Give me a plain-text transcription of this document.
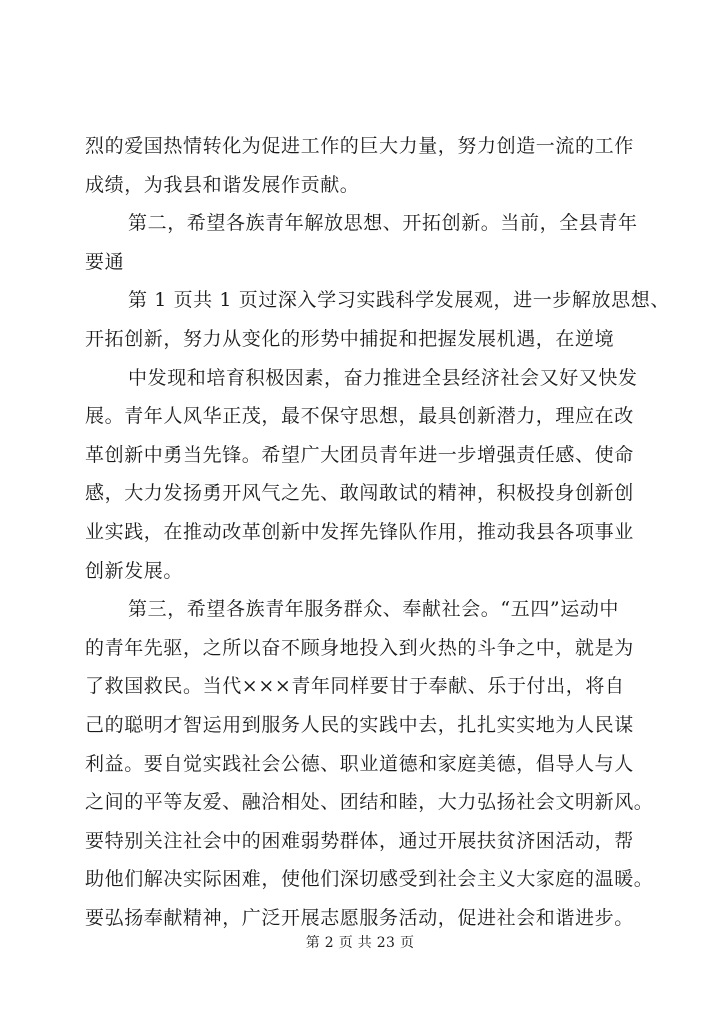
烈的爱国热情转化为促进工作的巨大力量，努力创造一流的工作
成绩，为我县和谐发展作贡献。
第二，希望各族青年解放思想、开拓创新。当前，全县青年
要通
第 1 页共 1 页过深入学习实践科学发展观，进一步解放思想、
开拓创新，努力从变化的形势中捕捉和把握发展机遇，在逆境
中发现和培育积极因素，奋力推进全县经济社会又好又快发
展。青年人风华正茂，最不保守思想，最具创新潜力，理应在改
革创新中勇当先锋。希望广大团员青年进一步增强责任感、使命
感，大力发扬勇开风气之先、敢闯敢试的精神，积极投身创新创
业实践，在推动改革创新中发挥先锋队作用，推动我县各项事业
创新发展。
第三，希望各族青年服务群众、奉献社会。“五四”运动中
的青年先驱，之所以奋不顾身地投入到火热的斗争之中，就是为
了救国救民。当代×××青年同样要甘于奉献、乐于付出，将自
己的聪明才智运用到服务人民的实践中去，扎扎实实地为人民谋
利益。要自觉实践社会公德、职业道德和家庭美德，倡导人与人
之间的平等友爱、融洽相处、团结和睦，大力弘扬社会文明新风。
要特别关注社会中的困难弱势群体，通过开展扶贫济困活动，帮
助他们解决实际困难，使他们深切感受到社会主义大家庭的温暖。
要弘扬奉献精神，广泛开展志愿服务活动，促进社会和谐进步。
第 2 页 共 23 页
